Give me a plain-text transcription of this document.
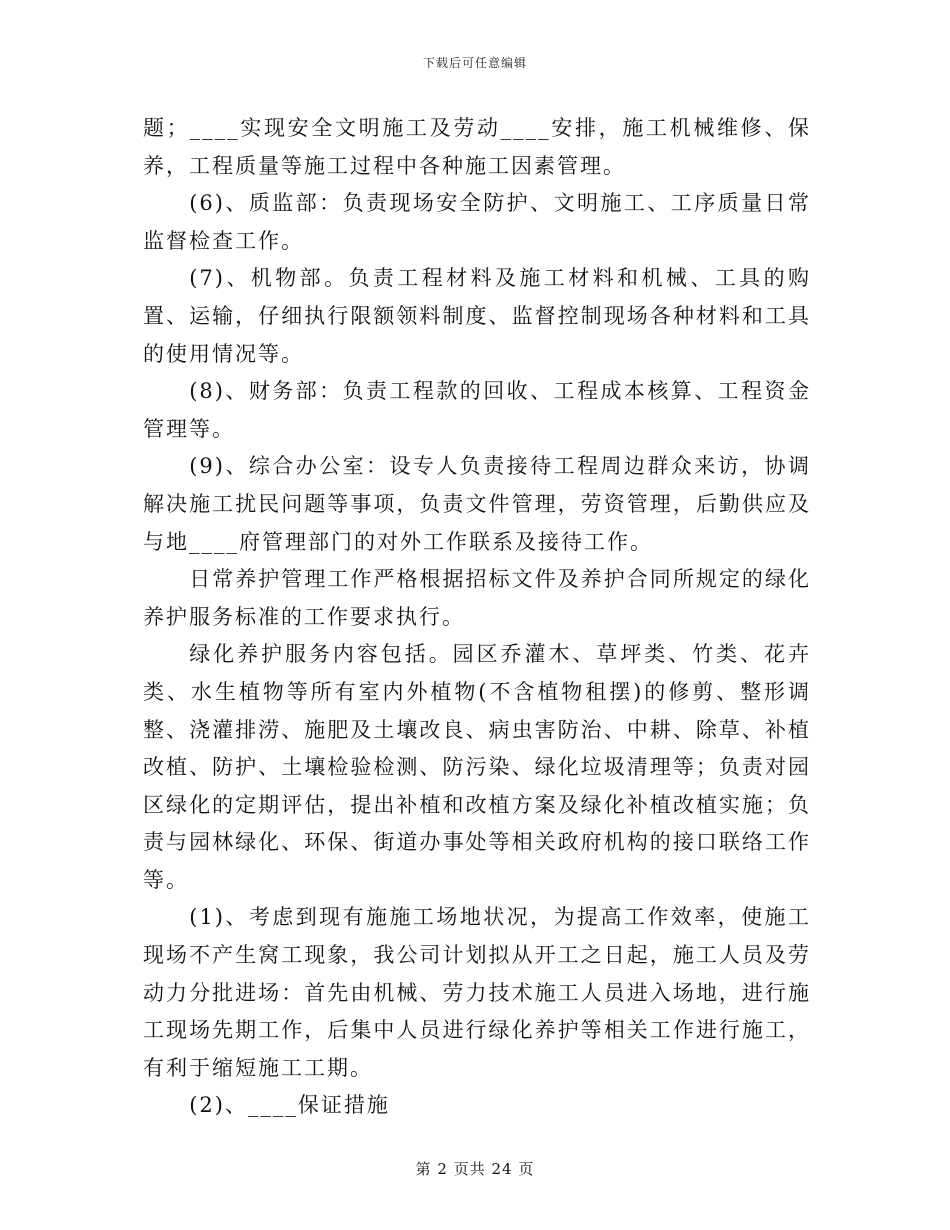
下载后可任意编辑

题；____实现安全文明施工及劳动____安排，施工机械维修、保养，工程质量等施工过程中各种施工因素管理。

(6)、质监部：负责现场安全防护、文明施工、工序质量日常监督检查工作。

(7)、机物部。负责工程材料及施工材料和机械、工具的购置、运输，仔细执行限额领料制度、监督控制现场各种材料和工具的使用情况等。

(8)、财务部：负责工程款的回收、工程成本核算、工程资金管理等。

(9)、综合办公室：设专人负责接待工程周边群众来访，协调解决施工扰民问题等事项，负责文件管理，劳资管理，后勤供应及与地____府管理部门的对外工作联系及接待工作。

日常养护管理工作严格根据招标文件及养护合同所规定的绿化养护服务标准的工作要求执行。

绿化养护服务内容包括。园区乔灌木、草坪类、竹类、花卉类、水生植物等所有室内外植物(不含植物租摆)的修剪、整形调整、浇灌排涝、施肥及土壤改良、病虫害防治、中耕、除草、补植改植、防护、土壤检验检测、防污染、绿化垃圾清理等；负责对园区绿化的定期评估，提出补植和改植方案及绿化补植改植实施；负责与园林绿化、环保、街道办事处等相关政府机构的接口联络工作等。

(1)、考虑到现有施施工场地状况，为提高工作效率，使施工现场不产生窝工现象，我公司计划拟从开工之日起，施工人员及劳动力分批进场：首先由机械、劳力技术施工人员进入场地，进行施工现场先期工作，后集中人员进行绿化养护等相关工作进行施工，有利于缩短施工工期。

(2)、____保证措施

第 2 页共 24 页
